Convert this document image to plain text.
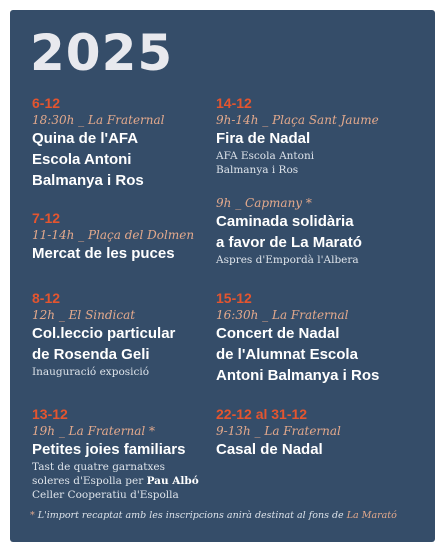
2025
6-12
18:30h _ La Fraternal
Quina de l'AFA
Escola Antoni
Balmanya i Ros
14-12
9h-14h _ Plaça Sant Jaume
Fira de Nadal
AFA Escola Antoni
Balmanya i Ros
9h _ Capmany *
Caminada solidària
a favor de La Marató
Aspres d'Empordà l'Albera
7-12
11-14h _ Plaça del Dolmen
Mercat de les puces
8-12
12h _ El Sindicat
Col.leccio particular
de Rosenda Geli
Inauguració exposició
15-12
16:30h _ La Fraternal
Concert de Nadal
de l'Alumnat Escola
Antoni Balmanya i Ros
13-12
19h _ La Fraternal *
Petites joies familiars
Tast de quatre garnatxes
soleres d'Espolla per Pau Albó
Celler Cooperatiu d'Espolla
22-12 al 31-12
9-13h _ La Fraternal
Casal de Nadal
* L'import recaptat amb les inscripcions anirà destinat al fons de La Marató
